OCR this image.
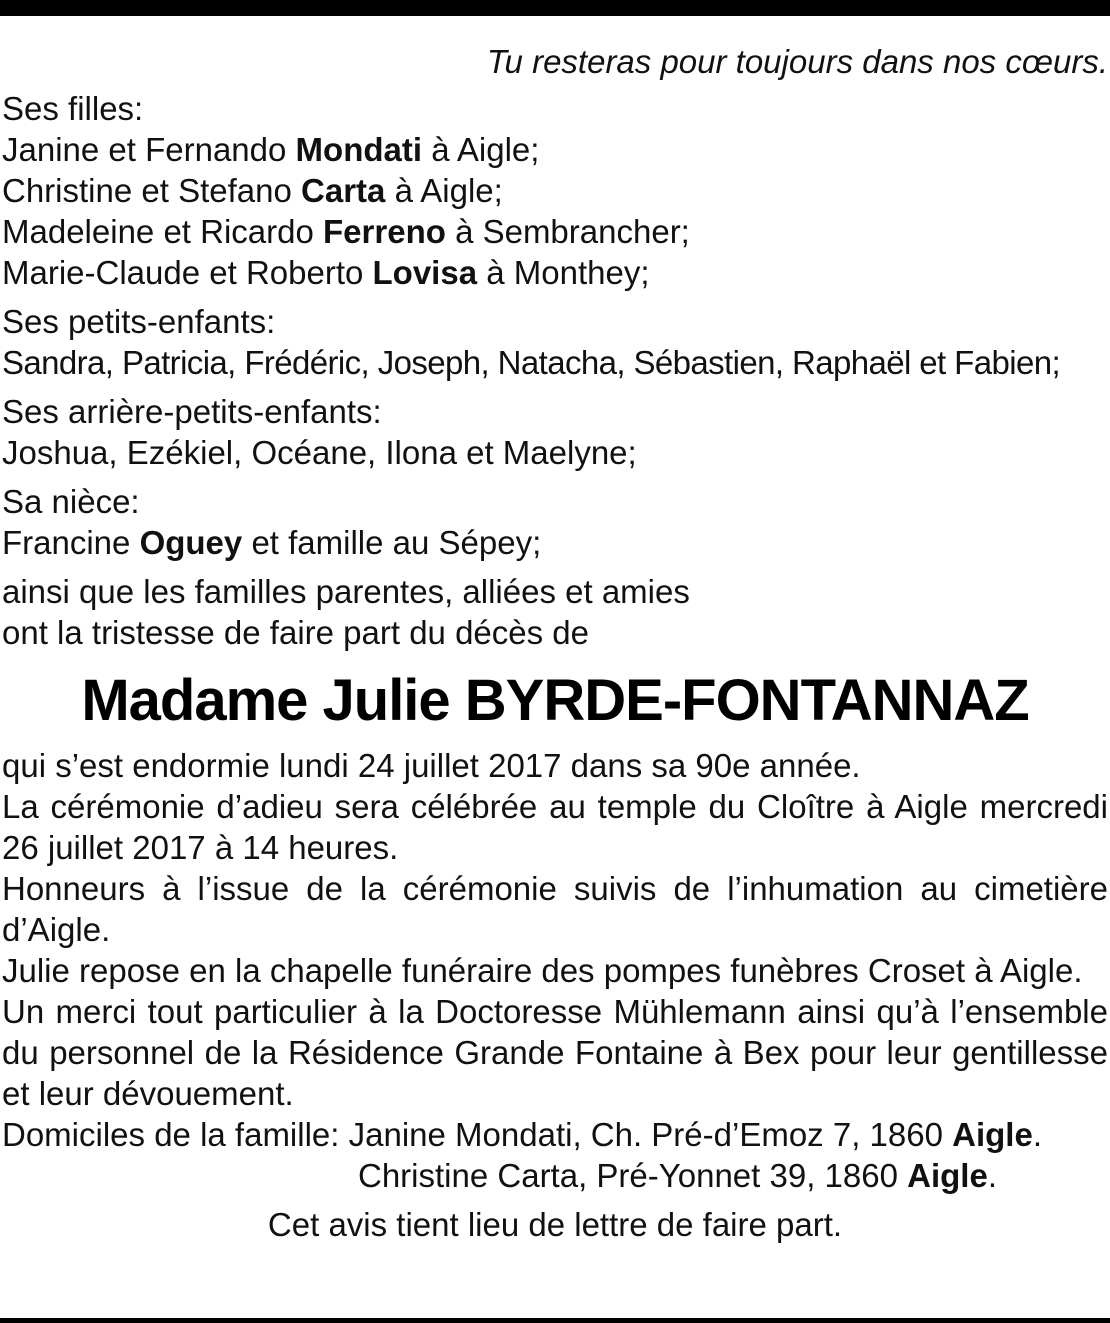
Tu resteras pour toujours dans nos cœurs.
Ses filles:
Janine et Fernando Mondati à Aigle;
Christine et Stefano Carta à Aigle;
Madeleine et Ricardo Ferreno à Sembrancher;
Marie-Claude et Roberto Lovisa à Monthey;
Ses petits-enfants:
Sandra, Patricia, Frédéric, Joseph, Natacha, Sébastien, Raphaël et Fabien;
Ses arrière-petits-enfants:
Joshua, Ezékiel, Océane, Ilona et Maelyne;
Sa nièce:
Francine Oguey et famille au Sépey;
ainsi que les familles parentes, alliées et amies
ont la tristesse de faire part du décès de
Madame Julie BYRDE-FONTANNAZ
qui s’est endormie lundi 24 juillet 2017 dans sa 90e année.
La cérémonie d’adieu sera célébrée au temple du Cloître à Aigle mercredi 26 juillet 2017 à 14 heures.
Honneurs à l’issue de la cérémonie suivis de l’inhumation au cimetière d’Aigle.
Julie repose en la chapelle funéraire des pompes funèbres Croset à Aigle.
Un merci tout particulier à la Doctoresse Mühlemann ainsi qu’à l’ensemble du personnel de la Résidence Grande Fontaine à Bex pour leur gentillesse et leur dévouement.
Domiciles de la famille: Janine Mondati, Ch. Pré-d’Emoz 7, 1860 Aigle.
Christine Carta, Pré-Yonnet 39, 1860 Aigle.
Cet avis tient lieu de lettre de faire part.
